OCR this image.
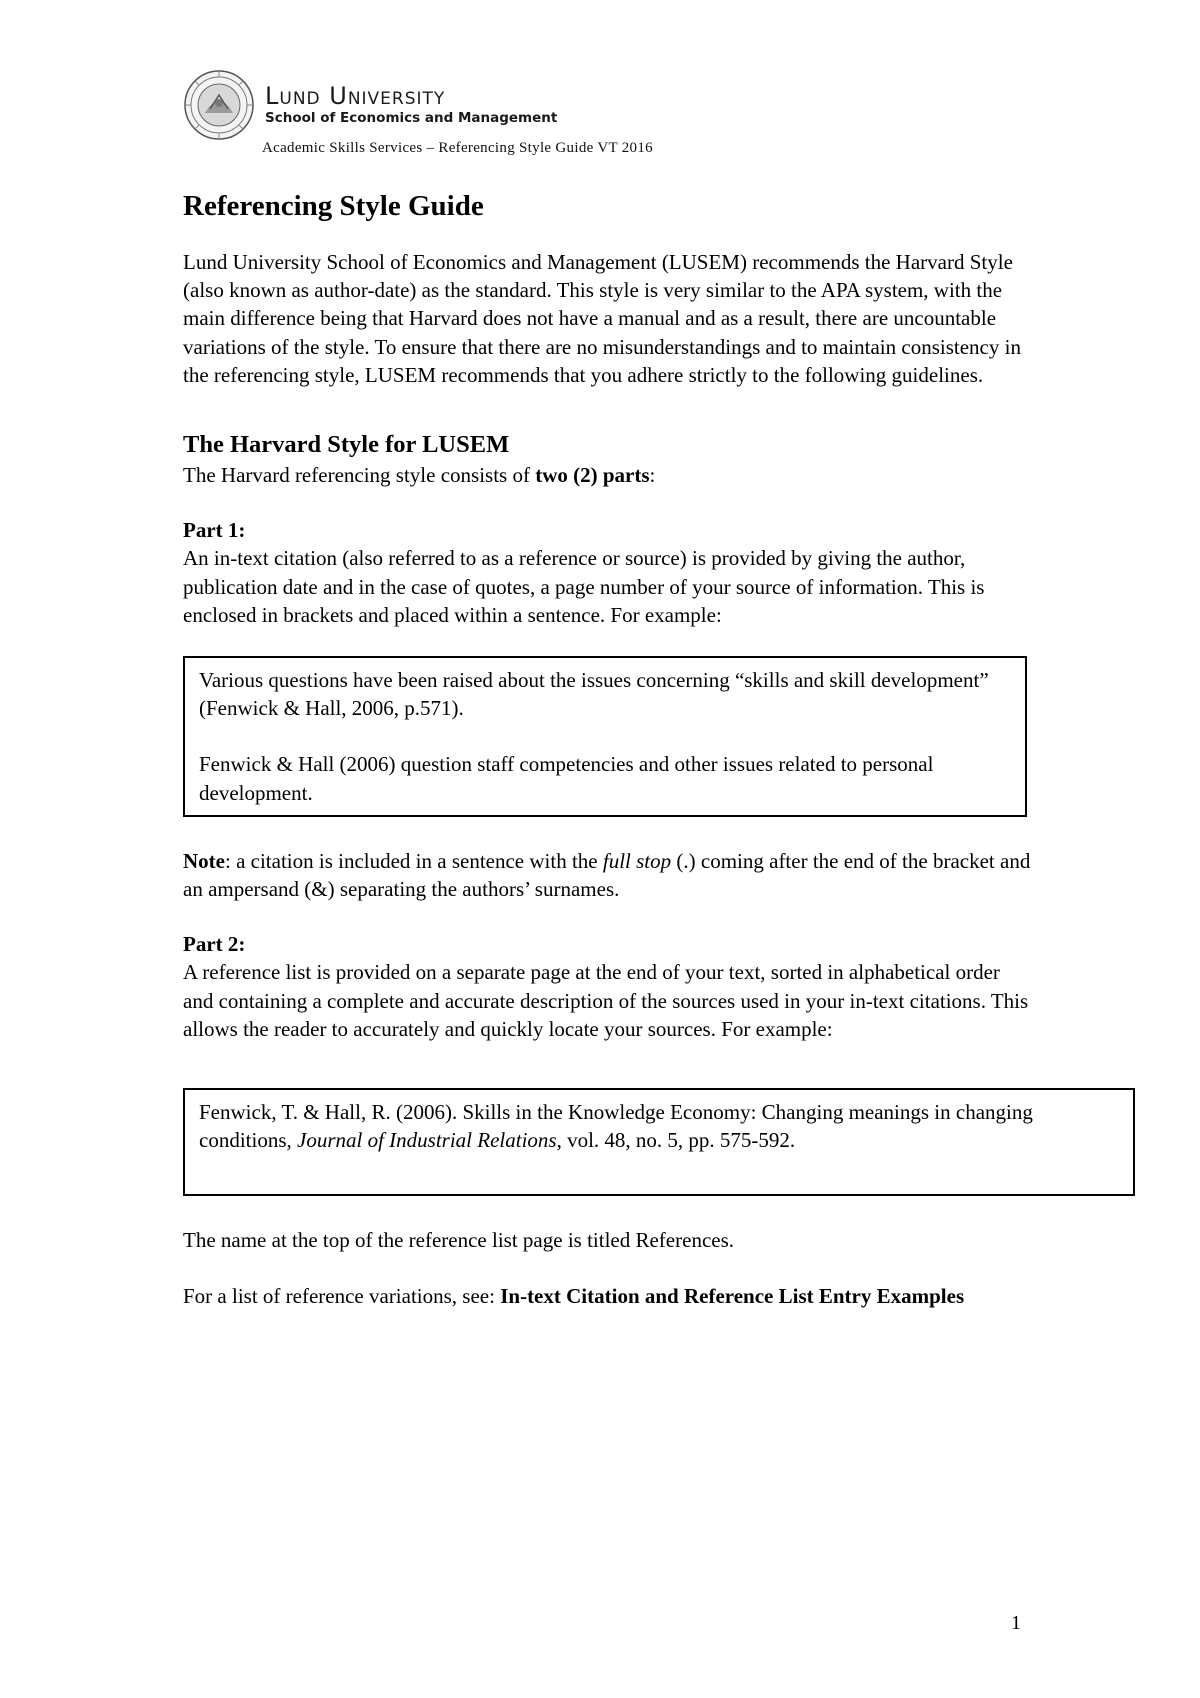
Lund University
School of Economics and Management
Academic Skills Services – Referencing Style Guide VT 2016
Referencing Style Guide

Lund University School of Economics and Management (LUSEM) recommends the Harvard Style (also known as author-date) as the standard. This style is very similar to the APA system, with the main difference being that Harvard does not have a manual and as a result, there are uncountable variations of the style. To ensure that there are no misunderstandings and to maintain consistency in the referencing style, LUSEM recommends that you adhere strictly to the following guidelines.

The Harvard Style for LUSEM

The Harvard referencing style consists of two (2) parts:

Part 1:

An in-text citation (also referred to as a reference or source) is provided by giving the author, publication date and in the case of quotes, a page number of your source of information. This is enclosed in brackets and placed within a sentence. For example:

Various questions have been raised about the issues concerning “skills and skill development” (Fenwick & Hall, 2006, p.571).

Fenwick & Hall (2006) question staff competencies and other issues related to personal development.

Note: a citation is included in a sentence with the full stop (.) coming after the end of the bracket and an ampersand (&) separating the authors’ surnames.

Part 2:

A reference list is provided on a separate page at the end of your text, sorted in alphabetical order and containing a complete and accurate description of the sources used in your in-text citations. This allows the reader to accurately and quickly locate your sources. For example:

Fenwick, T. & Hall, R. (2006). Skills in the Knowledge Economy: Changing meanings in changing conditions, Journal of Industrial Relations, vol. 48, no. 5, pp. 575-592.

The name at the top of the reference list page is titled References.

For a list of reference variations, see: In-text Citation and Reference List Entry Examples

1
